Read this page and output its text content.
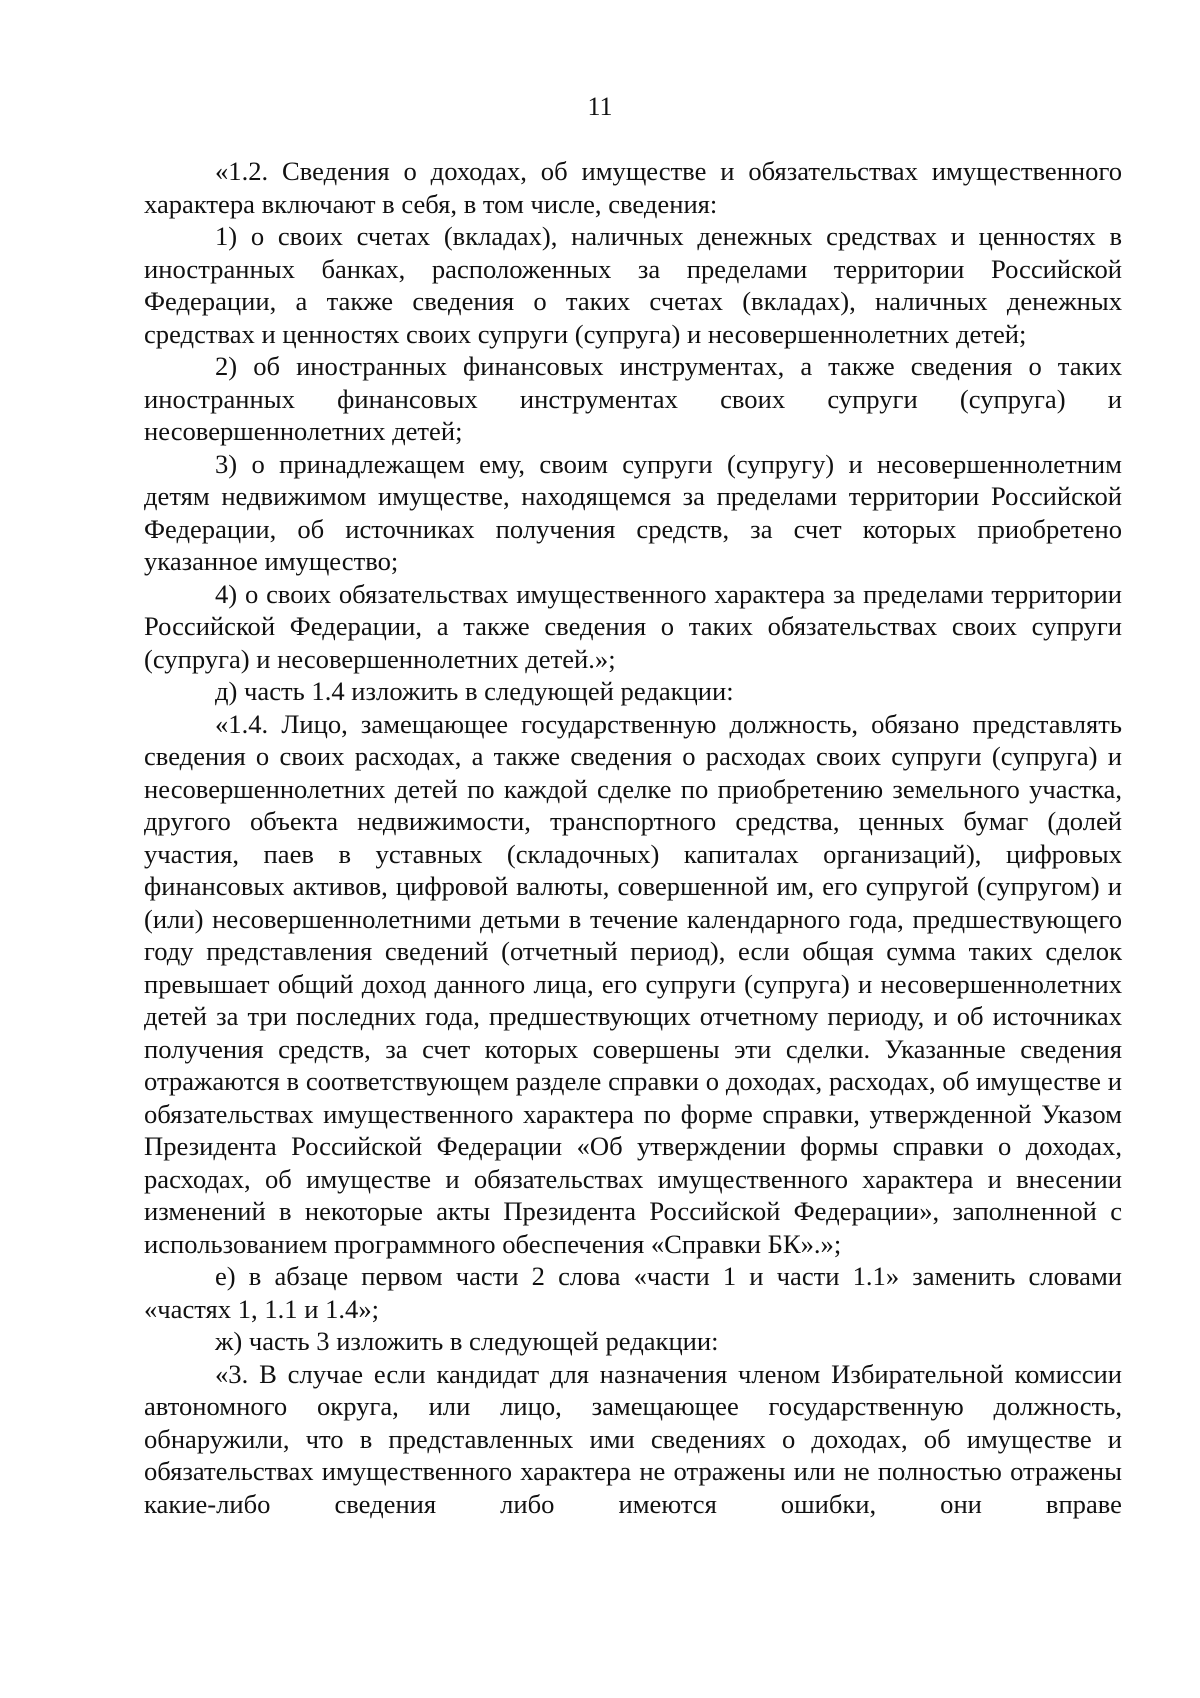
11

«1.2. Сведения о доходах, об имуществе и обязательствах имущественного характера включают в себя, в том числе, сведения:

1) о своих счетах (вкладах), наличных денежных средствах и ценностях в иностранных банках, расположенных за пределами территории Российской Федерации, а также сведения о таких счетах (вкладах), наличных денежных средствах и ценностях своих супруги (супруга) и несовершеннолетних детей;

2) об иностранных финансовых инструментах, а также сведения о таких иностранных финансовых инструментах своих супруги (супруга) и несовершеннолетних детей;

3) о принадлежащем ему, своим супруги (супругу) и несовершеннолетним детям недвижимом имуществе, находящемся за пределами территории Российской Федерации, об источниках получения средств, за счет которых приобретено указанное имущество;

4) о своих обязательствах имущественного характера за пределами территории Российской Федерации, а также сведения о таких обязательствах своих супруги (супруга) и несовершеннолетних детей.»;

д) часть 1.4 изложить в следующей редакции:

«1.4. Лицо, замещающее государственную должность, обязано представлять сведения о своих расходах, а также сведения о расходах своих супруги (супруга) и несовершеннолетних детей по каждой сделке по приобретению земельного участка, другого объекта недвижимости, транспортного средства, ценных бумаг (долей участия, паев в уставных (складочных) капиталах организаций), цифровых финансовых активов, цифровой валюты, совершенной им, его супругой (супругом) и (или) несовершеннолетними детьми в течение календарного года, предшествующего году представления сведений (отчетный период), если общая сумма таких сделок превышает общий доход данного лица, его супруги (супруга) и несовершеннолетних детей за три последних года, предшествующих отчетному периоду, и об источниках получения средств, за счет которых совершены эти сделки. Указанные сведения отражаются в соответствующем разделе справки о доходах, расходах, об имуществе и обязательствах имущественного характера по форме справки, утвержденной Указом Президента Российской Федерации «Об утверждении формы справки о доходах, расходах, об имуществе и обязательствах имущественного характера и внесении изменений в некоторые акты Президента Российской Федерации», заполненной с использованием программного обеспечения «Справки БК».»;

е) в абзаце первом части 2 слова «части 1 и части 1.1» заменить словами «частях 1, 1.1 и 1.4»;

ж) часть 3 изложить в следующей редакции:

«3. В случае если кандидат для назначения членом Избирательной комиссии автономного округа, или лицо, замещающее государственную должность, обнаружили, что в представленных ими сведениях о доходах, об имуществе и обязательствах имущественного характера не отражены или не полностью отражены какие-либо сведения либо имеются ошибки, они вправе
